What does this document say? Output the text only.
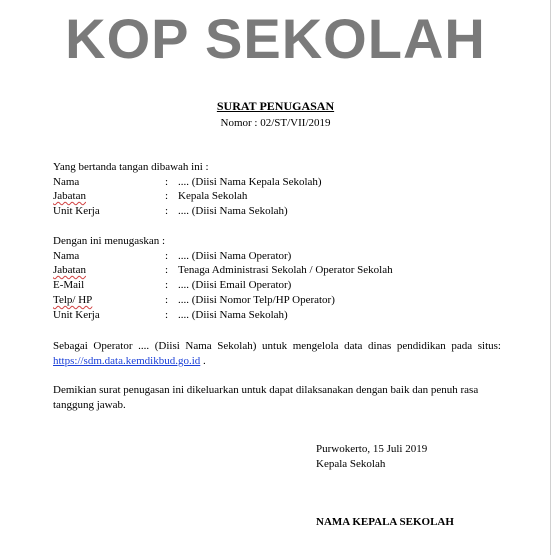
KOP SEKOLAH
SURAT PENUGASAN
Nomor : 02/ST/VII/2019
Yang bertanda tangan dibawah ini :
Nama	: .... (Diisi Nama Kepala Sekolah)
Jabatan	: Kepala Sekolah
Unit Kerja	: .... (Diisi Nama Sekolah)
Dengan ini menugaskan :
Nama	: .... (Diisi Nama Operator)
Jabatan	: Tenaga Administrasi Sekolah / Operator Sekolah
E-Mail	: .... (Diisi Email Operator)
Telp/ HP	: .... (Diisi Nomor Telp/HP Operator)
Unit Kerja	: .... (Diisi Nama Sekolah)
Sebagai Operator .... (Diisi Nama Sekolah) untuk mengelola data dinas pendidikan pada situs: https://sdm.data.kemdikbud.go.id .
Demikian surat penugasan ini dikeluarkan untuk dapat dilaksanakan dengan baik dan penuh rasa tanggung jawab.
Purwokerto, 15 Juli 2019
Kepala Sekolah
NAMA KEPALA SEKOLAH
